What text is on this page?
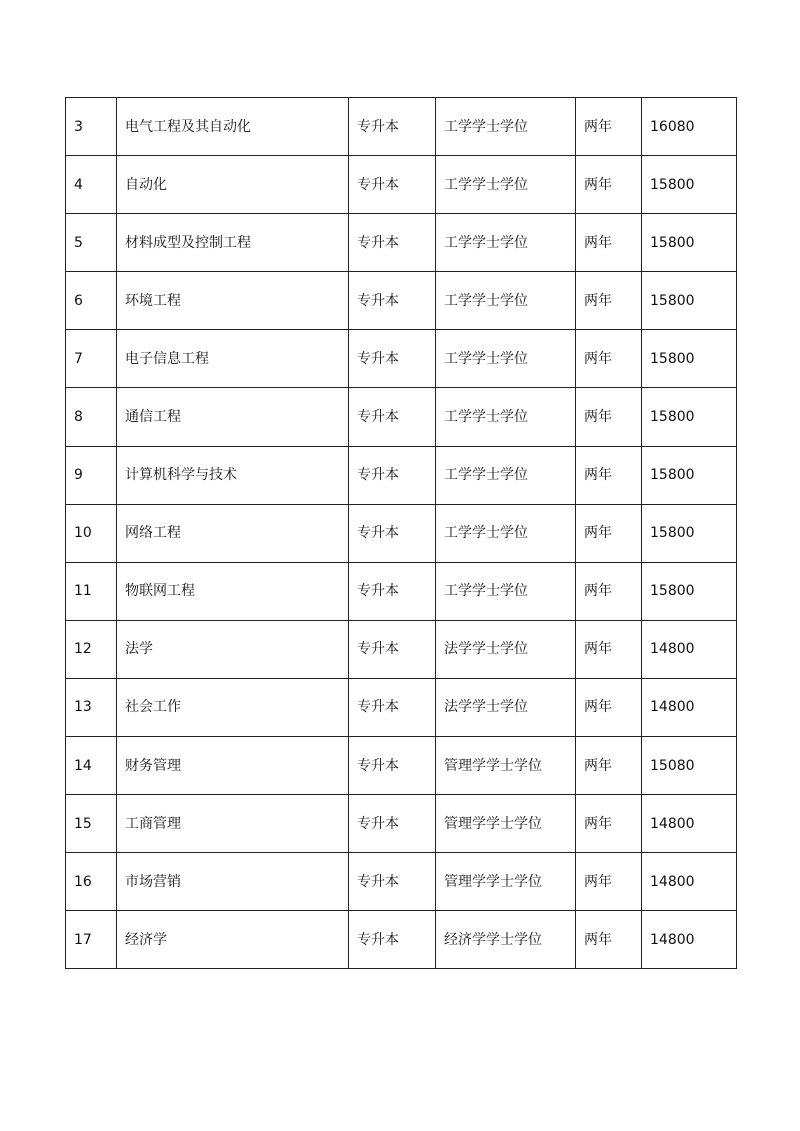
3	电气工程及其自动化	专升本	工学学士学位	两年	16080
4	自动化	专升本	工学学士学位	两年	15800
5	材料成型及控制工程	专升本	工学学士学位	两年	15800
6	环境工程	专升本	工学学士学位	两年	15800
7	电子信息工程	专升本	工学学士学位	两年	15800
8	通信工程	专升本	工学学士学位	两年	15800
9	计算机科学与技术	专升本	工学学士学位	两年	15800
10	网络工程	专升本	工学学士学位	两年	15800
11	物联网工程	专升本	工学学士学位	两年	15800
12	法学	专升本	法学学士学位	两年	14800
13	社会工作	专升本	法学学士学位	两年	14800
14	财务管理	专升本	管理学学士学位	两年	15080
15	工商管理	专升本	管理学学士学位	两年	14800
16	市场营销	专升本	管理学学士学位	两年	14800
17	经济学	专升本	经济学学士学位	两年	14800
